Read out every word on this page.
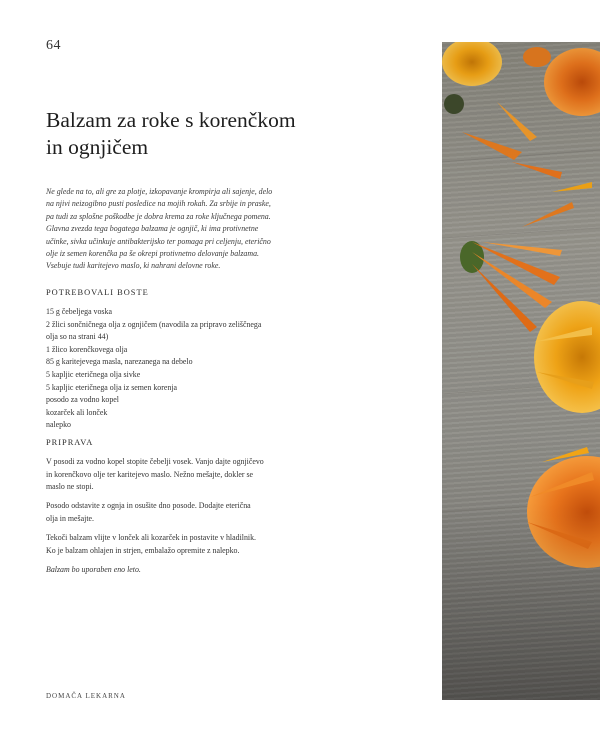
64
Balzam za roke s korenčkom
in ognjičem
Ne glede na to, ali gre za plotje, izkopavanje krompirja ali sajenje, delo
na njivi neizogibno pusti posledice na mojih rokah. Za srbije in praske,
pa tudi za splošne poškodbe je dobra krema za roke ključnega pomena.
Glavna zvezda tega bogatega balzama je ognjič, ki ima protivnetne
učinke, sivka učinkuje antibakterijsko ter pomaga pri celjenju, eterično
olje iz semen korenčka pa še okrepi protivnetno delovanje balzama.
Vsebuje tudi karitejevo maslo, ki nahrani delovne roke.
POTREBOVALI BOSTE
15 g čebeljega voska
2 žlici sončničnega olja z ognjičem (navodila za pripravo zeliščnega
olja so na strani 44)
1 žlico korenčkovega olja
85 g karitejevega masla, narezanega na debelo
5 kapljic eteričnega olja sivke
5 kapljic eteričnega olja iz semen korenja
posodo za vodno kopel
kozarček ali lonček
nalepko
PRIPRAVA

V posodi za vodno kopel stopite čebelji vosek. Vanjo dajte ognjičevo
in korenčkovo olje ter karitejevo maslo. Nežno mešajte, dokler se
maslo ne stopi.

Posodo odstavite z ognja in osušite dno posode. Dodajte eterična
olja in mešajte.

Tekoči balzam vlijte v lonček ali kozarček in postavite v hladilnik.
Ko je balzam ohlajen in strjen, embalažo opremite z nalepko.

Balzam bo uporaben eno leto.

DOMAČA LEKARNA
